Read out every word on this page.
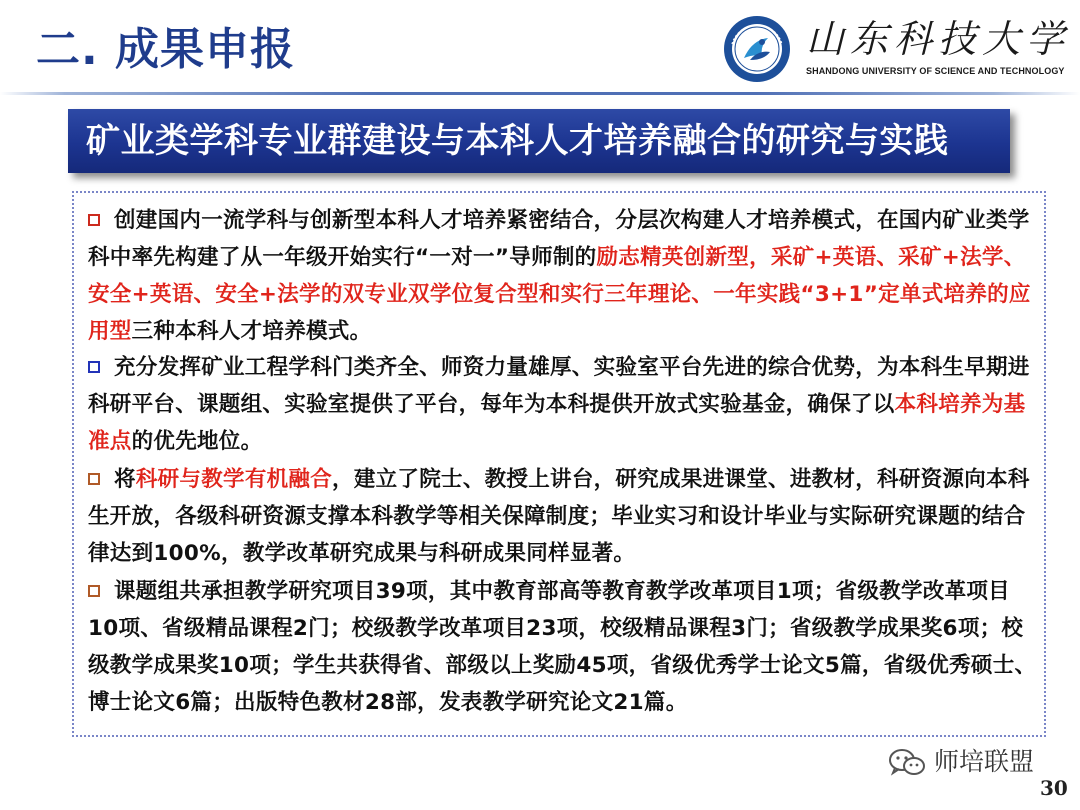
二. 成果申报	山东科技大学
SHANDONG UNIVERSITY OF SCIENCE AND TECHNOLOGY
矿业类学科专业群建设与本科人才培养融合的研究与实践
创建国内一流学科与创新型本科人才培养紧密结合，分层次构建人才培养模式，在国内矿业类学科中率先构建了从一年级开始实行“一对一”导师制的励志精英创新型，采矿+英语、采矿+法学、安全+英语、安全+法学的双专业双学位复合型和实行三年理论、一年实践“3+1”定单式培养的应用型三种本科人才培养模式。
充分发挥矿业工程学科门类齐全、师资力量雄厚、实验室平台先进的综合优势，为本科生早期进科研平台、课题组、实验室提供了平台，每年为本科提供开放式实验基金，确保了以本科培养为基准点的优先地位。
将科研与教学有机融合，建立了院士、教授上讲台，研究成果进课堂、进教材，科研资源向本科生开放，各级科研资源支撑本科教学等相关保障制度；毕业实习和设计毕业与实际研究课题的结合律达到100%，教学改革研究成果与科研成果同样显著。
课题组共承担教学研究项目39项，其中教育部高等教育教学改革项目1项；省级教学改革项目10项、省级精品课程2门；校级教学改革项目23项，校级精品课程3门；省级教学成果奖6项；校级教学成果奖10项；学生共获得省、部级以上奖励45项，省级优秀学士论文5篇，省级优秀硕士、博士论文6篇；出版特色教材28部，发表教学研究论文21篇。
师培联盟
30
